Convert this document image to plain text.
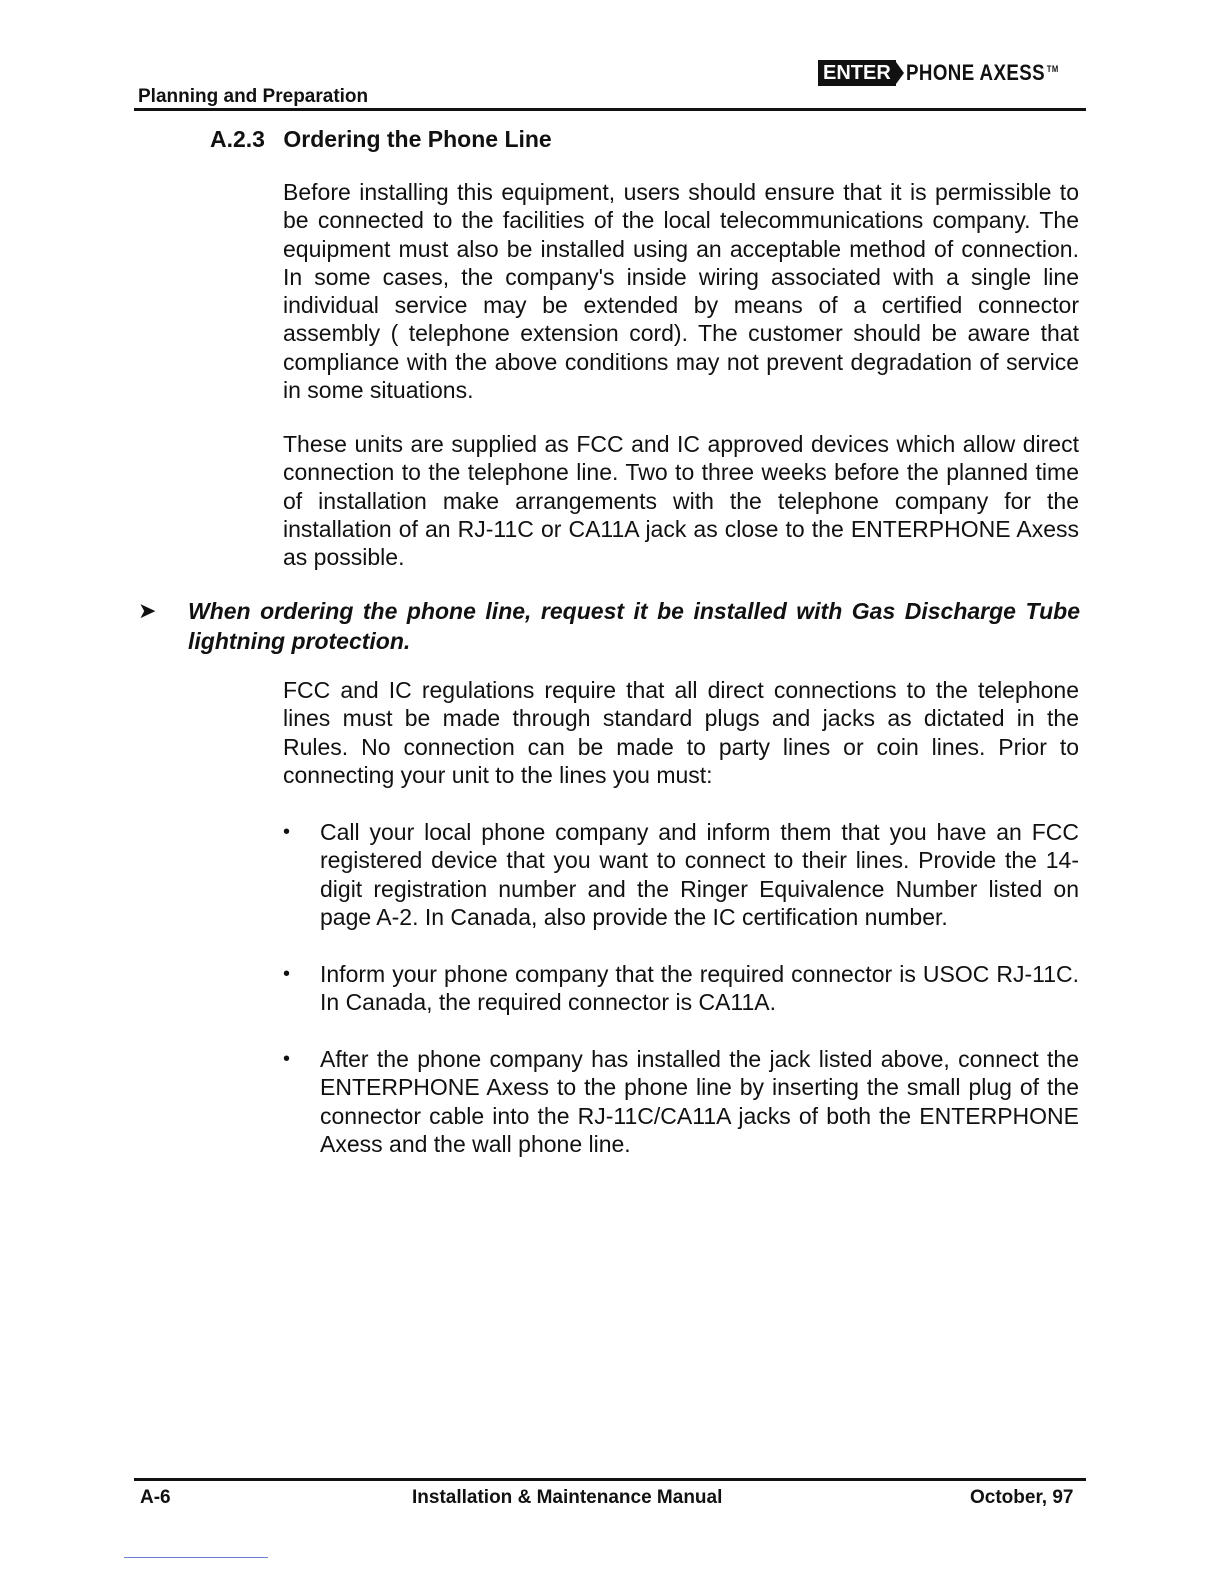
Planning and Preparation
ENTER PHONE AXESS ™
A.2.3 Ordering the Phone Line

Before installing this equipment, users should ensure that it is permissible to be connected to the facilities of the local telecommunications company. The equipment must also be installed using an acceptable method of connection. In some cases, the company's inside wiring associated with a single line individual service may be extended by means of a certified connector assembly ( telephone extension cord). The customer should be aware that compliance with the above conditions may not prevent degradation of service in some situations.

These units are supplied as FCC and IC approved devices which allow direct connection to the telephone line. Two to three weeks before the planned time of installation make arrangements with the telephone company for the installation of an RJ-11C or CA11A jack as close to the ENTERPHONE Axess as possible.

➤ When ordering the phone line, request it be installed with Gas Discharge Tube lightning protection.

FCC and IC regulations require that all direct connections to the telephone lines must be made through standard plugs and jacks as dictated in the Rules. No connection can be made to party lines or coin lines. Prior to connecting your unit to the lines you must:

• Call your local phone company and inform them that you have an FCC registered device that you want to connect to their lines. Provide the 14-digit registration number and the Ringer Equivalence Number listed on page A-2. In Canada, also provide the IC certification number.
• Inform your phone company that the required connector is USOC RJ-11C. In Canada, the required connector is CA11A.
• After the phone company has installed the jack listed above, connect the ENTERPHONE Axess to the phone line by inserting the small plug of the connector cable into the RJ-11C/CA11A jacks of both the ENTERPHONE Axess and the wall phone line.
A-6	Installation & Maintenance Manual	October, 97
